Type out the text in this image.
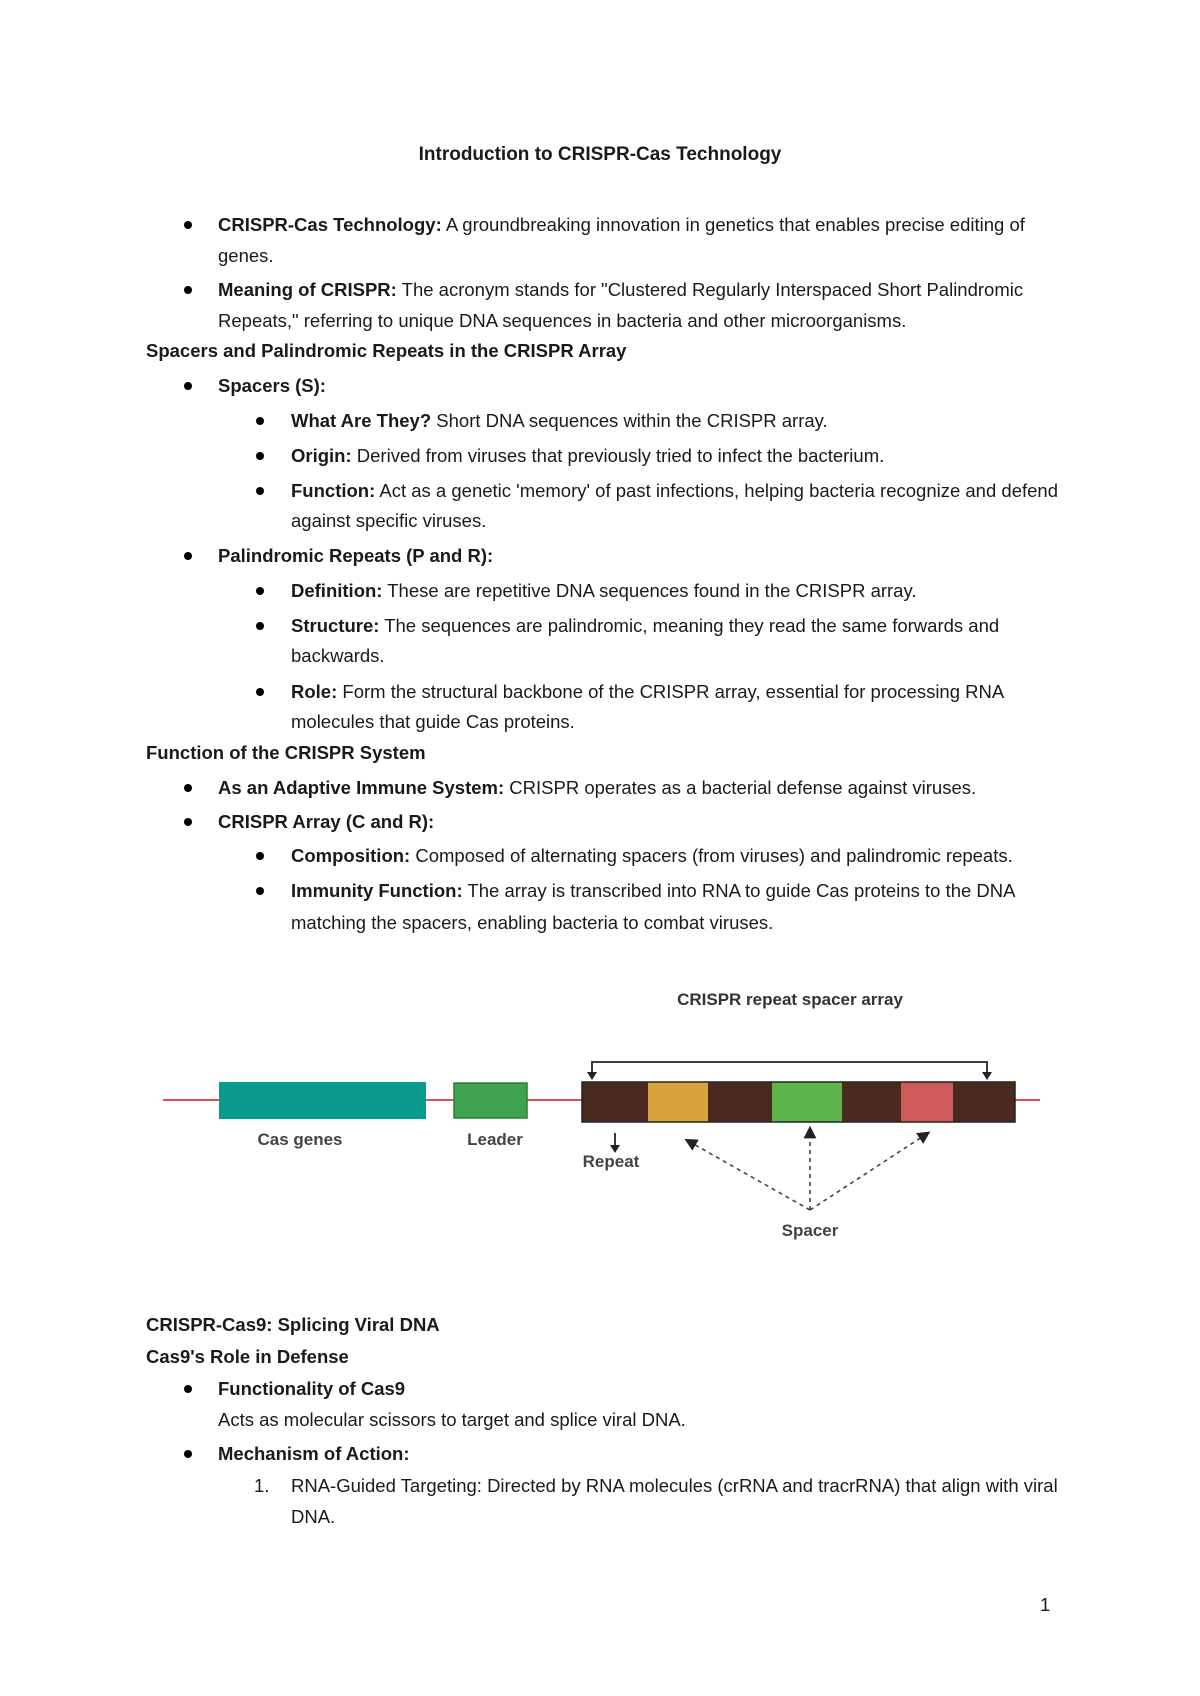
Introduction to CRISPR-Cas Technology
CRISPR-Cas Technology: A groundbreaking innovation in genetics that enables precise editing of
genes.
Meaning of CRISPR: The acronym stands for "Clustered Regularly Interspaced Short Palindromic
Repeats," referring to unique DNA sequences in bacteria and other microorganisms.
Spacers and Palindromic Repeats in the CRISPR Array
Spacers (S):
What Are They? Short DNA sequences within the CRISPR array.
Origin: Derived from viruses that previously tried to infect the bacterium.
Function: Act as a genetic 'memory' of past infections, helping bacteria recognize and defend
against specific viruses.
Palindromic Repeats (P and R):
Definition: These are repetitive DNA sequences found in the CRISPR array.
Structure: The sequences are palindromic, meaning they read the same forwards and
backwards.
Role: Form the structural backbone of the CRISPR array, essential for processing RNA
molecules that guide Cas proteins.
Function of the CRISPR System
As an Adaptive Immune System: CRISPR operates as a bacterial defense against viruses.
CRISPR Array (C and R):
Composition: Composed of alternating spacers (from viruses) and palindromic repeats.
Immunity Function: The array is transcribed into RNA to guide Cas proteins to the DNA
matching the spacers, enabling bacteria to combat viruses.
CRISPR repeat spacer array
Cas genes	Leader
Repeat
Spacer
CRISPR-Cas9: Splicing Viral DNA
Cas9's Role in Defense
Functionality of Cas9
Acts as molecular scissors to target and splice viral DNA.
Mechanism of Action:
1. RNA-Guided Targeting: Directed by RNA molecules (crRNA and tracrRNA) that align with viral
DNA.
1
